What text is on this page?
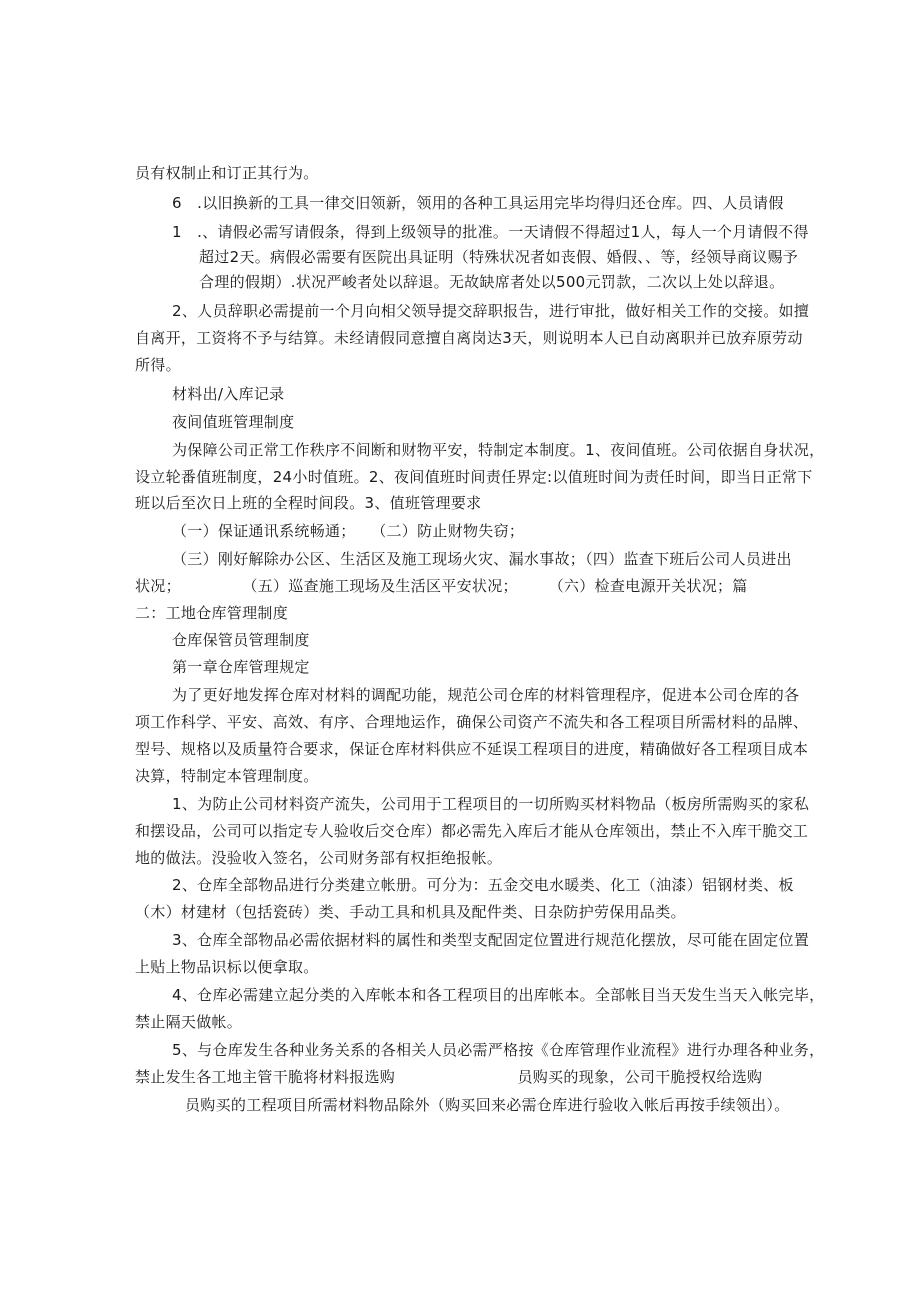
员有权制止和订正其行为。
6　.以旧换新的工具一律交旧领新，领用的各种工具运用完毕均得归还仓库。四、人员请假
1　.、请假必需写请假条，得到上级领导的批准。一天请假不得超过1人，每人一个月请假不得
超过2天。病假必需要有医院出具证明（特殊状况者如丧假、婚假、、等，经领导商议赐予
合理的假期）.状况严峻者处以辞退。无故缺席者处以500元罚款，二次以上处以辞退。
2、人员辞职必需提前一个月向相父领导提交辞职报告，进行审批，做好相关工作的交接。如擅
自离开，工资将不予与结算。未经请假同意擅自离岗达3天，则说明本人已自动离职并已放弃原劳动
所得。
材料出/入库记录
夜间值班管理制度
为保障公司正常工作秩序不间断和财物平安，特制定本制度。1、夜间值班。公司依据自身状况，
设立轮番值班制度，24小时值班。2、夜间值班时间责任界定:以值班时间为责任时间，即当日正常下
班以后至次日上班的全程时间段。3、值班管理要求
（一）保证通讯系统畅通；　　（二）防止财物失窃；
（三）刚好解除办公区、生活区及施工现场火灾、漏水事故；（四）监查下班后公司人员进出
状况；　　　　　（五）巡查施工现场及生活区平安状况；　　　（六）检查电源开关状况；篇
二：工地仓库管理制度
仓库保管员管理制度
第一章仓库管理规定
为了更好地发挥仓库对材料的调配功能，规范公司仓库的材料管理程序，促进本公司仓库的各
项工作科学、平安、高效、有序、合理地运作，确保公司资产不流失和各工程项目所需材料的品牌、
型号、规格以及质量符合要求，保证仓库材料供应不延误工程项目的进度，精确做好各工程项目成本
决算，特制定本管理制度。
1、为防止公司材料资产流失，公司用于工程项目的一切所购买材料物品（板房所需购买的家私
和摆设品，公司可以指定专人验收后交仓库）都必需先入库后才能从仓库领出，禁止不入库干脆交工
地的做法。没验收入签名，公司财务部有权拒绝报帐。
2、仓库全部物品进行分类建立帐册。可分为：五金交电水暖类、化工（油漆）铝钢材类、板
（木）材建材（包括瓷砖）类、手动工具和机具及配件类、日杂防护劳保用品类。
3、仓库全部物品必需依据材料的属性和类型支配固定位置进行规范化摆放，尽可能在固定位置
上贴上物品识标以便拿取。
4、仓库必需建立起分类的入库帐本和各工程项目的出库帐本。全部帐目当天发生当天入帐完毕，
禁止隔天做帐。
5、与仓库发生各种业务关系的各相关人员必需严格按《仓库管理作业流程》进行办理各种业务，
禁止发生各工地主管干脆将材料报选购　　　　　　　　员购买的现象，公司干脆授权给选购
员购买的工程项目所需材料物品除外（购买回来必需仓库进行验收入帐后再按手续领出）。
